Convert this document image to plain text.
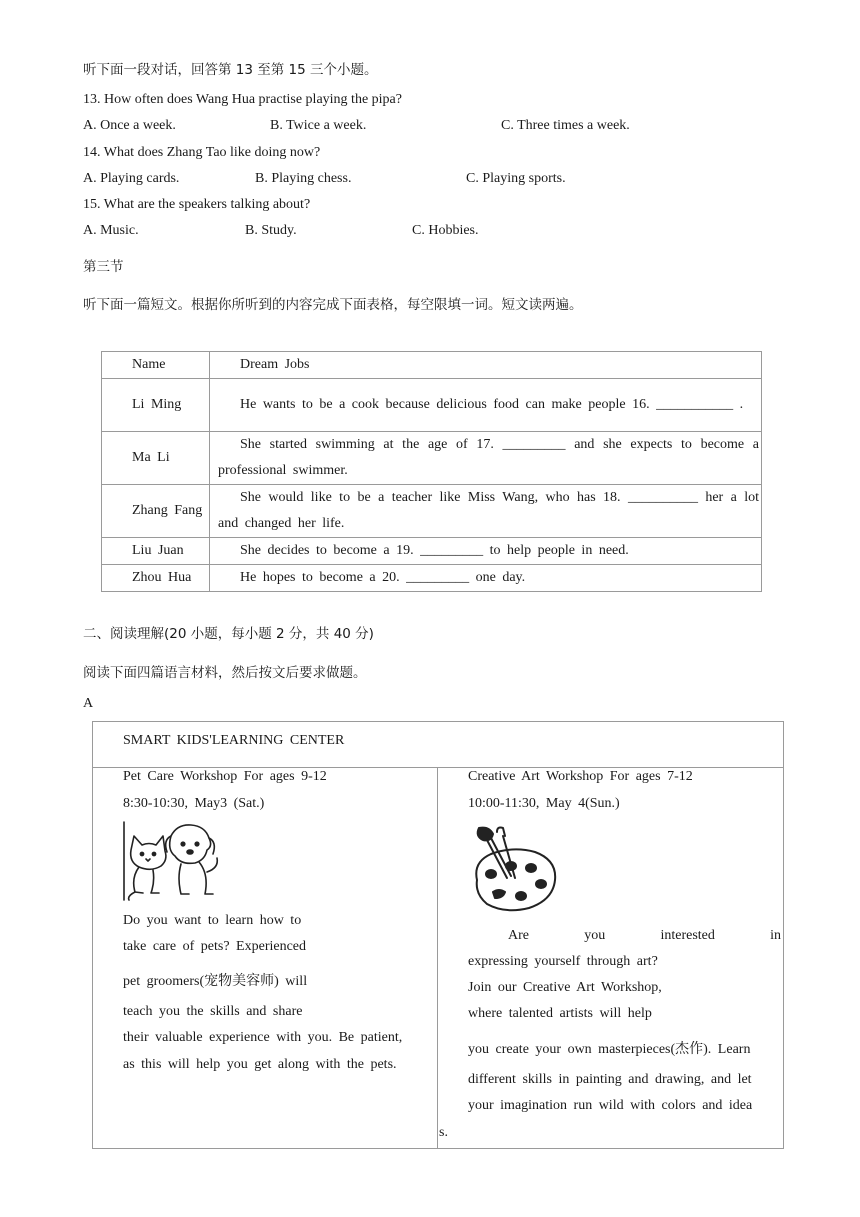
听下面一段对话，回答第 13 至第 15 三个小题。
13. How often does Wang Hua practise playing the pipa?
A. Once a week.	B. Twice a week.	C. Three times a week.
14. What does Zhang Tao like doing now?
A. Playing cards.	B. Playing chess.	C. Playing sports.
15. What are the speakers talking about?
A. Music.	B. Study.	C. Hobbies.
第三节
听下面一篇短文。根据你所听到的内容完成下面表格，每空限填一词。短文读两遍。
Name	Dream Jobs
Li Ming	He wants to be a cook because delicious food can make people 16. ___________ .
Ma Li	She started swimming at the age of 17. _________ and she expects to become a professional swimmer.
Zhang Fang	She would like to be a teacher like Miss Wang, who has 18. __________ her a lot and changed her life.
Liu Juan	She decides to become a 19. _________ to help people in need.
Zhou Hua	He hopes to become a 20. _________ one day.
二、阅读理解(20 小题，每小题 2 分，共 40 分)
阅读下面四篇语言材料，然后按文后要求做题。
A
SMART KIDS'LEARNING CENTER
Pet Care Workshop For ages 9-12
8:30-10:30, May3 (Sat.)
Do you want to learn how to
take care of pets? Experienced
pet groomers(宠物美容师) will
teach you the skills and share
their valuable experience with you. Be patient,
as this will help you get along with the pets.
Creative Art Workshop For ages 7-12
10:00-11:30, May 4(Sun.)
Are you interested in
expressing yourself through art?
Join our Creative Art Workshop,
where talented artists will help
you create your own masterpieces(杰作). Learn
different skills in painting and drawing, and let
your imagination run wild with colors and idea
s.
